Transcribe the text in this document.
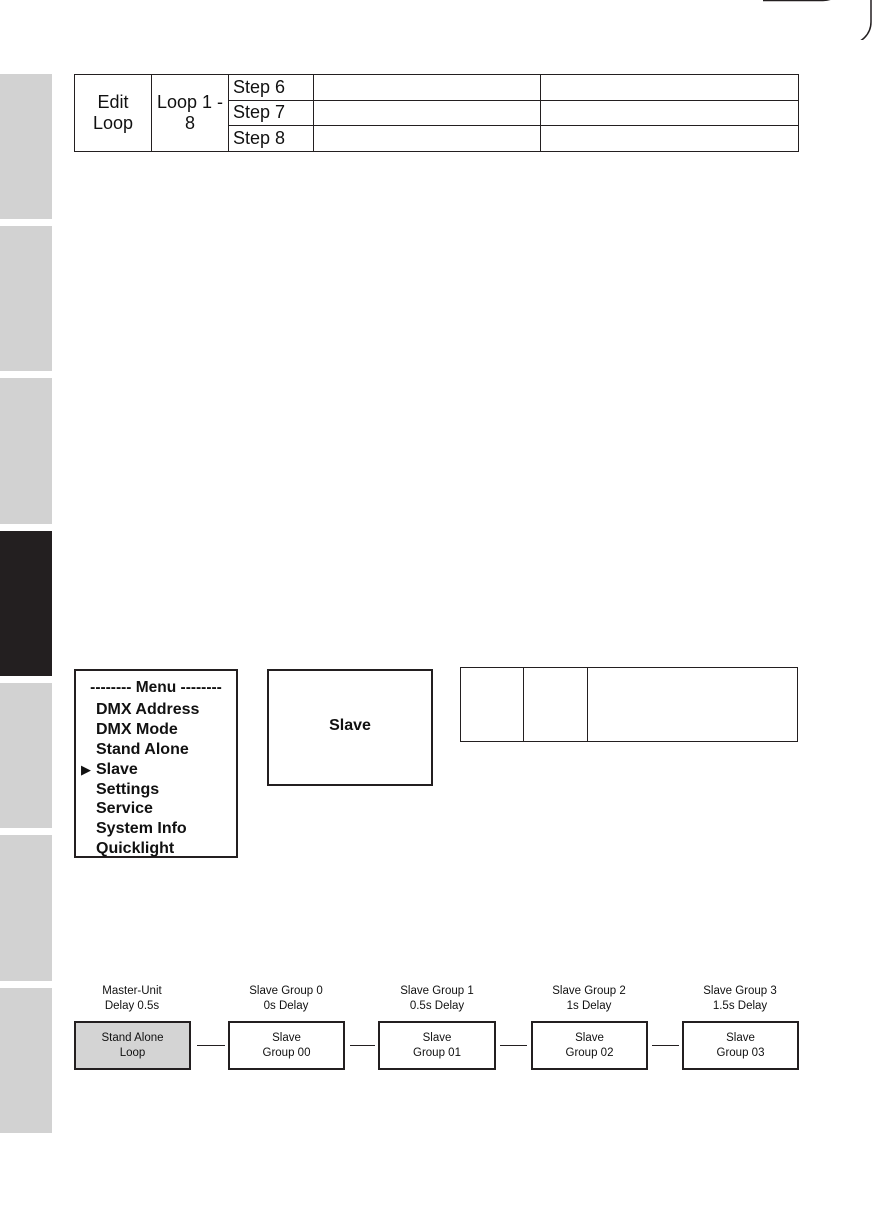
Edit Loop	Loop 1 - 8	Step 6		
		Step 7		
		Step 8		
-------- Menu --------
DMX Address
DMX Mode
Stand Alone
▶ Slave
Settings
Service
System Info
Quicklight
Slave

Master-Unit
Delay 0.5s
Slave Group 0
0s Delay
Slave Group 1
0.5s Delay
Slave Group 2
1s Delay
Slave Group 3
1.5s Delay
Stand Alone
Loop
Slave
Group 00
Slave
Group 01
Slave
Group 02
Slave
Group 03
